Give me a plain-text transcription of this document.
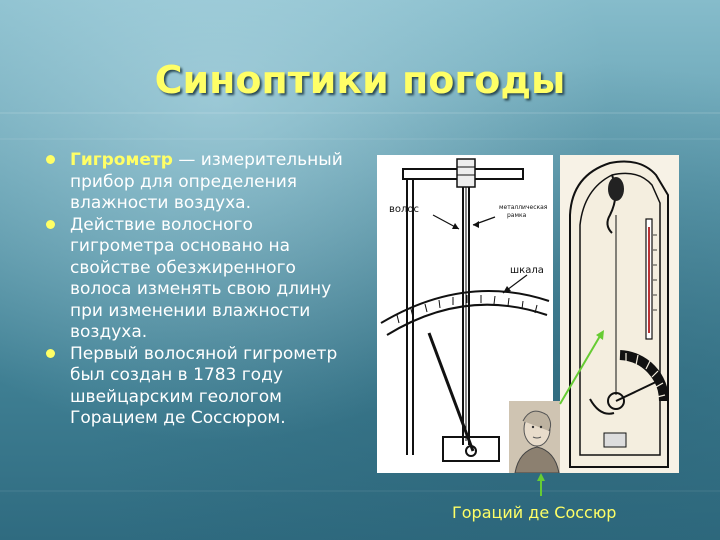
Синоптики погоды
Гигрометр — измерительный прибор для определения влажности воздуха.
Действие волосного гигрометра основано на свойстве обезжиренного волоса изменять свою длину при изменении влажности воздуха.
Первый волосяной гигрометр был создан в 1783 году швейцарским геологом Горацием де Соссюром.
волос	металлическая
рамка
шкала
Гораций де Соссюр
